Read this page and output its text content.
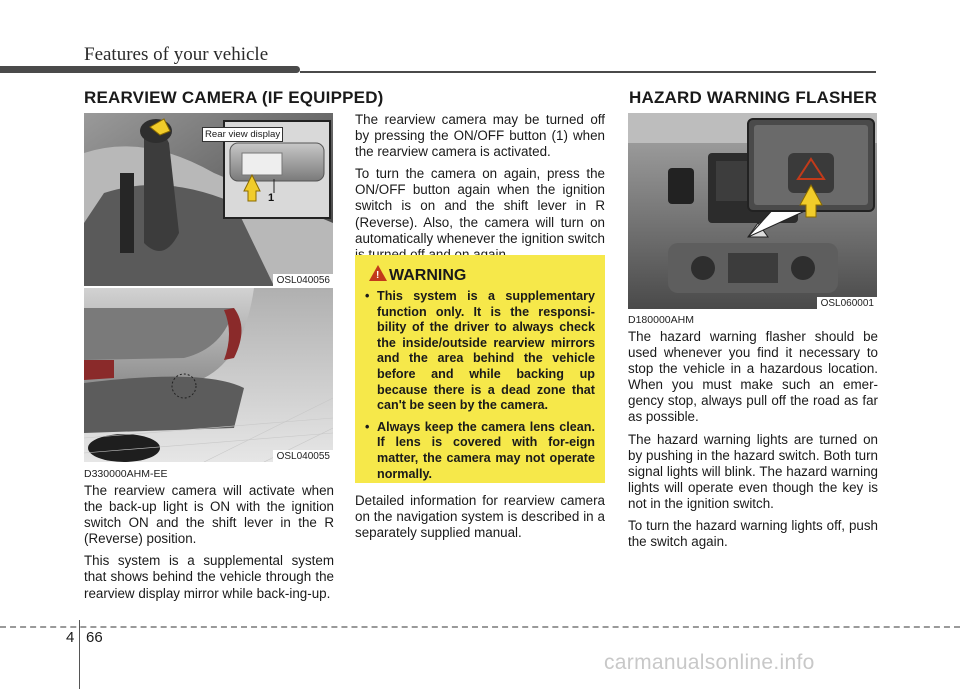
Features of your vehicle
REARVIEW CAMERA (IF EQUIPPED)	HAZARD WARNING FLASHER
Rear view display
1
OSL040056
OSL040055
D330000AHM-EE

The rearview camera will activate when the back-up light is ON with the ignition switch ON and the shift lever in the R (Reverse) position.

This system is a supplemental system that shows behind the vehicle through the rearview display mirror while back-ing-up.

The rearview camera may be turned off by pressing the ON/OFF button (1) when the rearview camera is activated.

To turn the camera on again, press the ON/OFF button again when the ignition switch is on and the shift lever in R (Reverse). Also, the camera will turn on automatically whenever the ignition switch

! WARNING
• This system is a supplementary function only. It is the responsi-bility of the driver to always check the inside/outside rearview mirrors and the area behind the vehicle before and while backing up because there is a dead zone that can't be seen by the camera.
• Always keep the camera lens clean. If lens is covered with for-eign matter, the camera may not operate normally.

Detailed information for rearview camera on the navigation system is described in a separately supplied manual.

OSL060001
D180000AHM

The hazard warning flasher should be used whenever you find it necessary to stop the vehicle in a hazardous location. When you must make such an emer-gency stop, always pull off the road as far as possible.

The hazard warning lights are turned on by pushing in the hazard switch. Both turn signal lights will blink. The hazard warning lights will operate even though the key is not in the ignition switch.

To turn the hazard warning lights off, push the switch again.

4 66
carmanualsonline.info
